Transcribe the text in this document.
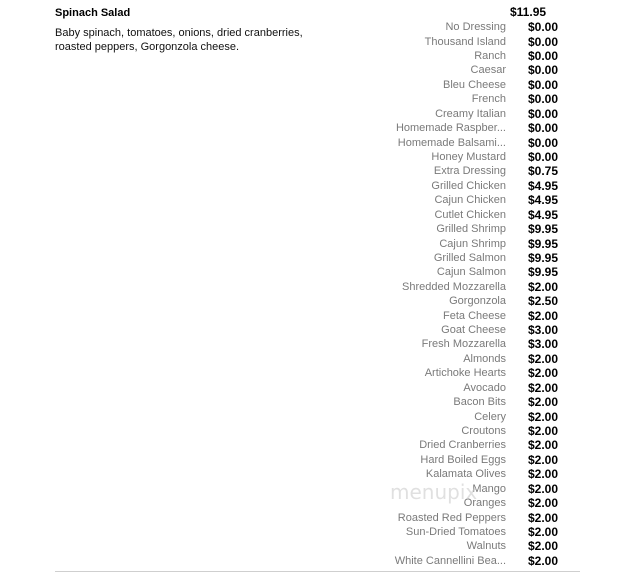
Spinach Salad	$11.95

Baby spinach, tomatoes, onions, dried cranberries, roasted peppers, Gorgonzola cheese.

No Dressing $0.00
Thousand Island $0.00
Ranch $0.00
Caesar $0.00
Bleu Cheese $0.00
French $0.00
Creamy Italian $0.00
Homemade Raspber... $0.00
Homemade Balsami... $0.00
Honey Mustard $0.00
Extra Dressing $0.75
Grilled Chicken $4.95
Cajun Chicken $4.95
Cutlet Chicken $4.95
Grilled Shrimp $9.95
Cajun Shrimp $9.95
Grilled Salmon $9.95
Cajun Salmon $9.95
Shredded Mozzarella $2.00
Gorgonzola $2.50
Feta Cheese $2.00
Goat Cheese $3.00
Fresh Mozzarella $3.00
Almonds $2.00
Artichoke Hearts $2.00
Avocado $2.00
Bacon Bits $2.00
Celery $2.00
Croutons $2.00
Dried Cranberries $2.00
Hard Boiled Eggs $2.00
Kalamata Olives $2.00
Mango $2.00
Oranges $2.00
Roasted Red Peppers $2.00
Sun-Dried Tomatoes $2.00
Walnuts $2.00
White Cannellini Bea... $2.00
menupix
